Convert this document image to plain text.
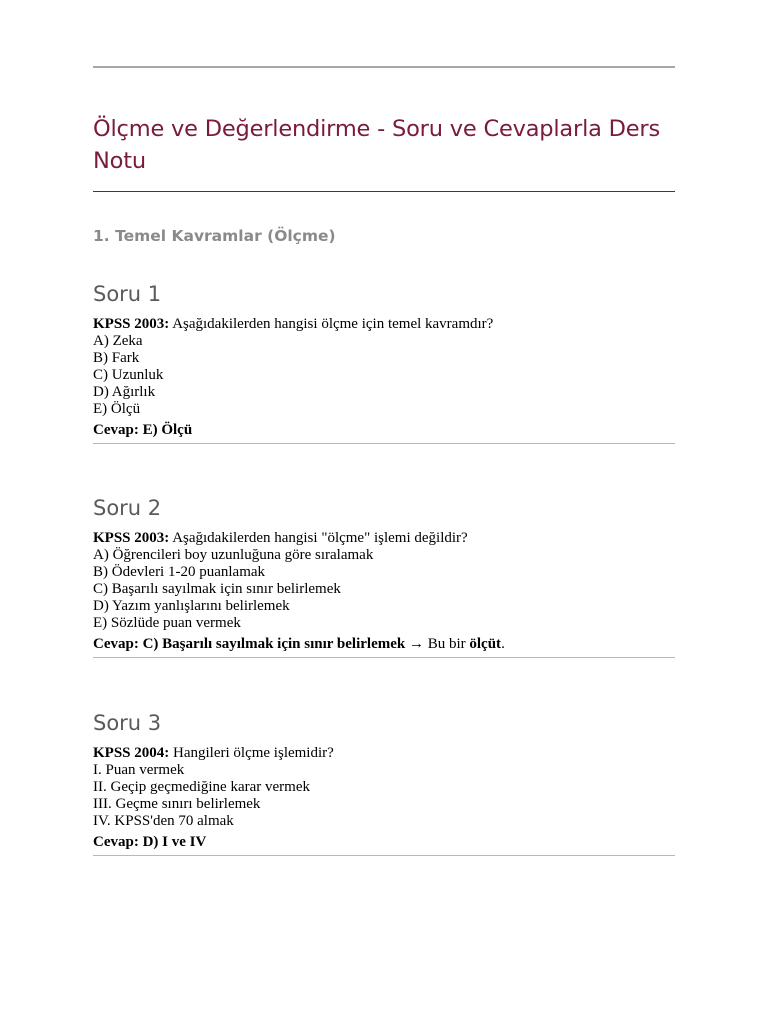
Ölçme ve Değerlendirme - Soru ve Cevaplarla Ders Notu
1. Temel Kavramlar (Ölçme)
Soru 1
KPSS 2003: Aşağıdakilerden hangisi ölçme için temel kavramdır?
A) Zeka
B) Fark
C) Uzunluk
D) Ağırlık
E) Ölçü
Cevap: E) Ölçü
Soru 2
KPSS 2003: Aşağıdakilerden hangisi "ölçme" işlemi değildir?
A) Öğrencileri boy uzunluğuna göre sıralamak
B) Ödevleri 1-20 puanlamak
C) Başarılı sayılmak için sınır belirlemek
D) Yazım yanlışlarını belirlemek
E) Sözlüde puan vermek
Cevap: C) Başarılı sayılmak için sınır belirlemek → Bu bir ölçüt.
Soru 3
KPSS 2004: Hangileri ölçme işlemidir?
I. Puan vermek
II. Geçip geçmediğine karar vermek
III. Geçme sınırı belirlemek
IV. KPSS'den 70 almak
Cevap: D) I ve IV
